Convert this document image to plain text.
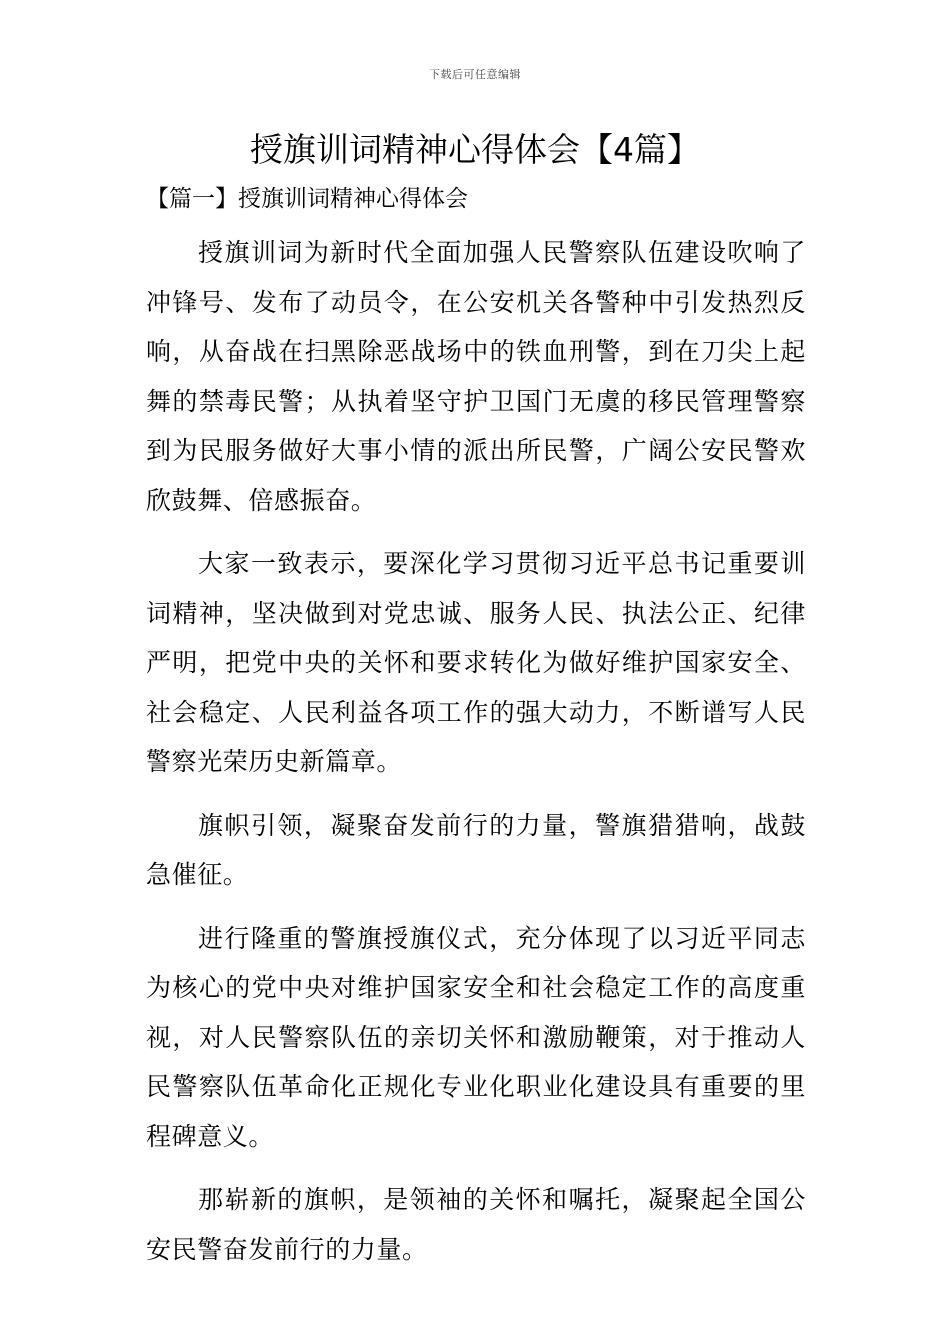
下载后可任意编辑
授旗训词精神心得体会【4篇】
【篇一】授旗训词精神心得体会

授旗训词为新时代全面加强人民警察队伍建设吹响了冲锋号、发布了动员令，在公安机关各警种中引发热烈反响，从奋战在扫黑除恶战场中的铁血刑警，到在刀尖上起舞的禁毒民警；从执着坚守护卫国门无虞的移民管理警察到为民服务做好大事小情的派出所民警，广阔公安民警欢欣鼓舞、倍感振奋。

大家一致表示，要深化学习贯彻习近平总书记重要训词精神，坚决做到对党忠诚、服务人民、执法公正、纪律严明，把党中央的关怀和要求转化为做好维护国家安全、社会稳定、人民利益各项工作的强大动力，不断谱写人民警察光荣历史新篇章。

旗帜引领，凝聚奋发前行的力量，警旗猎猎响，战鼓急催征。

进行隆重的警旗授旗仪式，充分体现了以习近平同志为核心的党中央对维护国家安全和社会稳定工作的高度重视，对人民警察队伍的亲切关怀和激励鞭策，对于推动人民警察队伍革命化正规化专业化职业化建设具有重要的里程碑意义。

那崭新的旗帜，是领袖的关怀和嘱托，凝聚起全国公安民警奋发前行的力量。
